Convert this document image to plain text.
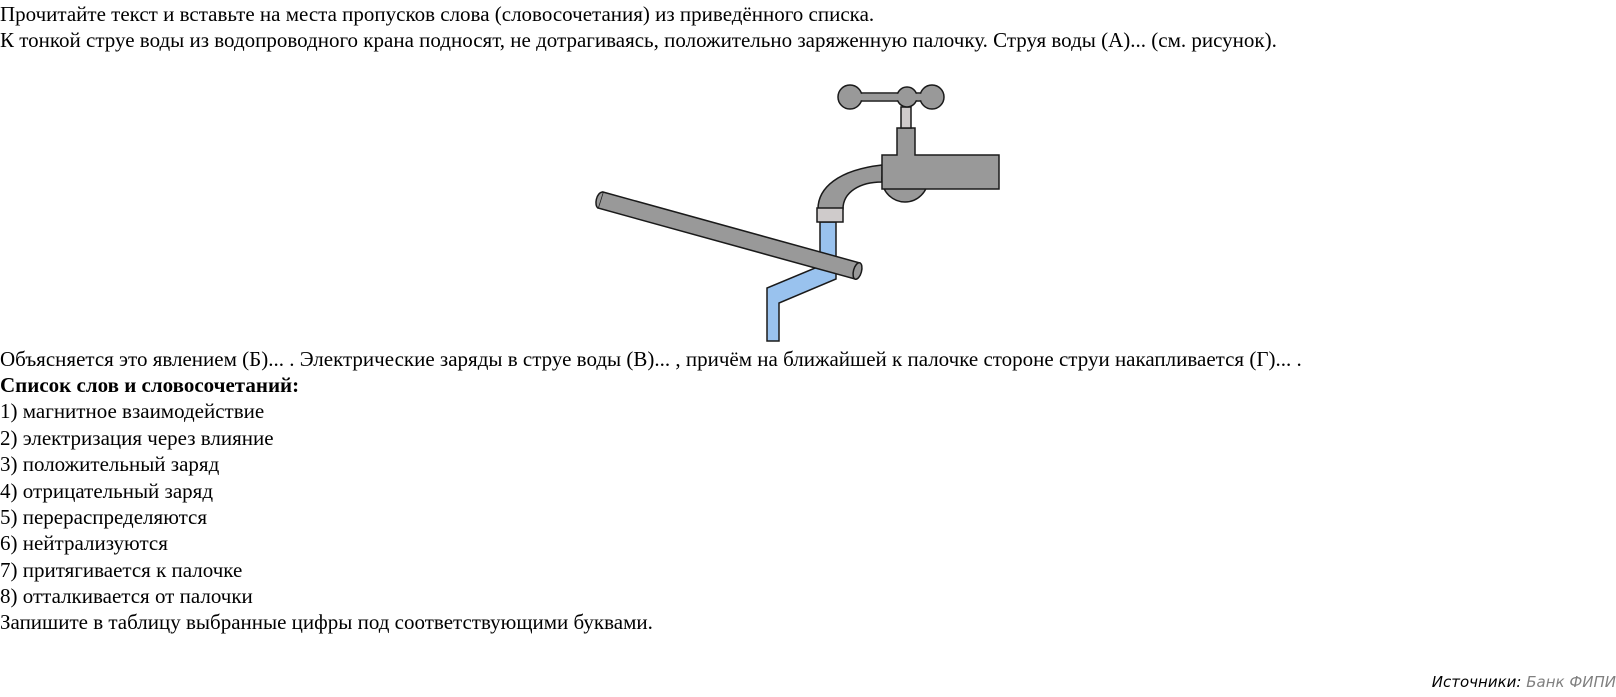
Прочитайте текст и вставьте на места пропусков слова (словосочетания) из приведённого списка.
К тонкой струе воды из водопроводного крана подносят, не дотрагиваясь, положительно заряженную палочку. Струя воды (А)... (см. рисунок).
Объясняется это явлением (Б)... . Электрические заряды в струе воды (В)... , причём на ближайшей к палочке стороне струи накапливается (Г)... .
Список слов и словосочетаний:
1) магнитное взаимодействие
2) электризация через влияние
3) положительный заряд
4) отрицательный заряд
5) перераспределяются
6) нейтрализуются
7) притягивается к палочке
8) отталкивается от палочки
Запишите в таблицу выбранные цифры под соответствующими буквами.
Источники: Банк ФИПИ
